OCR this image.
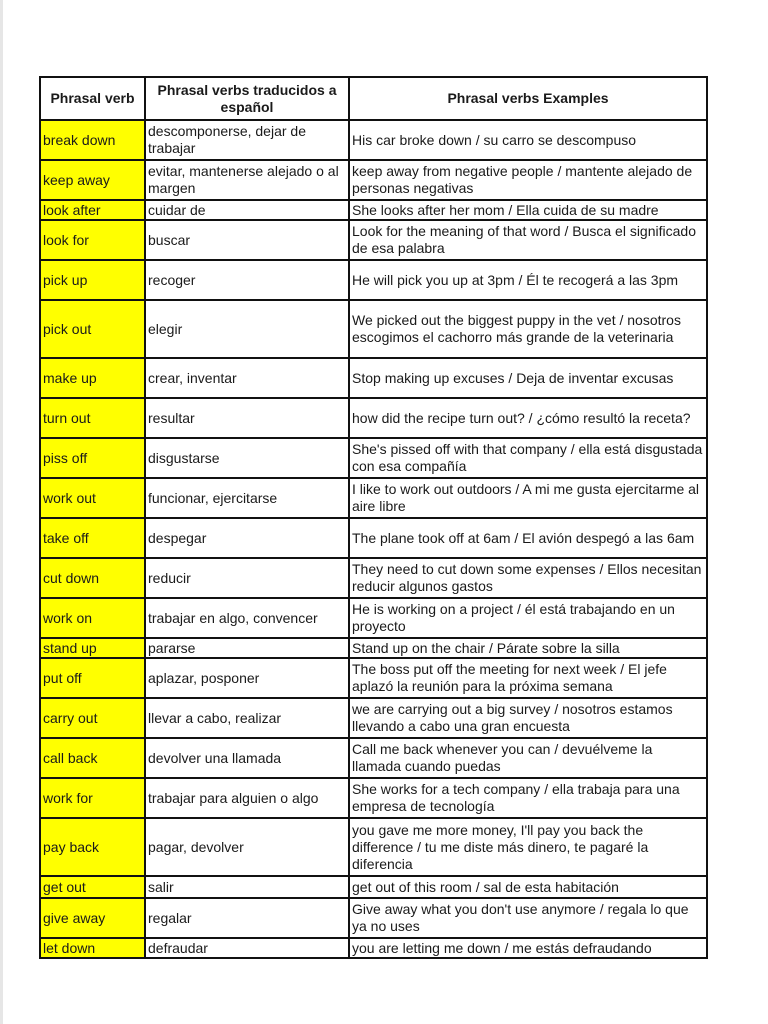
Phrasal verb	Phrasal verbs traducidos a español	Phrasal verbs Examples
break down	descomponerse, dejar de trabajar	His car broke down / su carro se descompuso
keep away	evitar, mantenerse alejado o al margen	keep away from negative people / mantente alejado de personas negativas
look after	cuidar de	She looks after her mom / Ella cuida de su madre
look for	buscar	Look for the meaning of that word / Busca el significado de esa palabra
pick up	recoger	He will pick you up at 3pm / Él te recogerá a las 3pm
pick out	elegir	We picked out the biggest puppy in the vet / nosotros escogimos el cachorro más grande de la veterinaria
make up	crear, inventar	Stop making up excuses / Deja de inventar excusas
turn out	resultar	how did the recipe turn out? / ¿cómo resultó la receta?
piss off	disgustarse	She's pissed off with that company / ella está disgustada con esa compañía
work out	funcionar, ejercitarse	I like to work out outdoors / A mi me gusta ejercitarme al aire libre
take off	despegar	The plane took off at 6am / El avión despegó a las 6am
cut down	reducir	They need to cut down some expenses / Ellos necesitan reducir algunos gastos
work on	trabajar en algo, convencer	He is working on a project / él está trabajando en un proyecto
stand up	pararse	Stand up on the chair / Párate sobre la silla
put off	aplazar, posponer	The boss put off the meeting for next week / El jefe aplazó la reunión para la próxima semana
carry out	llevar a cabo, realizar	we are carrying out a big survey / nosotros estamos llevando a cabo una gran encuesta
call back	devolver una llamada	Call me back whenever you can / devuélveme la llamada cuando puedas
work for	trabajar para alguien o algo	She works for a tech company / ella trabaja para una empresa de tecnología
pay back	pagar, devolver	you gave me more money, I'll pay you back the difference / tu me diste más dinero, te pagaré la diferencia
get out	salir	get out of this room / sal de esta habitación
give away	regalar	Give away what you don't use anymore / regala lo que ya no uses
let down	defraudar	you are letting me down / me estás defraudando
